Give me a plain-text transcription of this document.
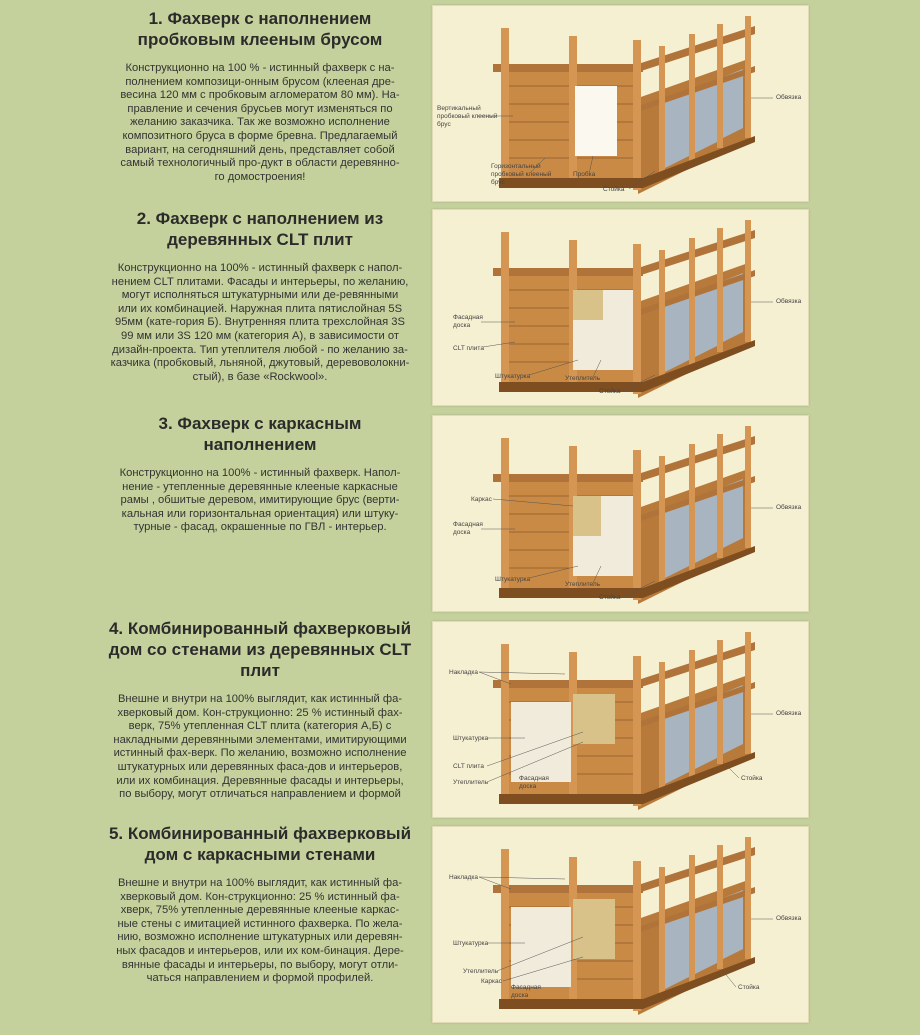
1. Фахверк с наполнением
пробковым клееным брусом

Конструкционно на 100 % - истинный фахверк с на-
полнением композици-онным брусом (клееная дре-
весина 120 мм с пробковым агломератом 80 мм). На-
правление и сечения брусьев могут изменяться по
желанию заказчика. Так же возможно исполнение
композитного бруса в форме бревна. Предлагаемый
вариант, на сегодняшний день, представляет собой
самый технологичный про-дукт в области деревянно-
го домостроения!

Вертикальный
пробковый клееный
брус
Обвязка
Горизонтальный
пробковый клееный
брус
Пробка
Стойка

2. Фахверк с наполнением из
деревянных CLT плит

Конструкционно на 100% - истинный фахверк с напол-
нением CLT плитами. Фасады и интерьеры, по желанию,
могут исполняться штукатурными или де-ревянными
или их комбинацией. Наружная плита пятислойная 5S
95мм (кате-гория Б). Внутренняя плита трехслойная 3S
99 мм или 3S 120 мм (категория А), в зависимости от
дизайн-проекта. Тип утеплителя любой - по желанию за-
казчика (пробковый, льняной, джутовый, деревоволокни-
стый), в базе «Rockwool».

Фасадная
доска
CLT плита
Обвязка
Штукатурка	Утеплитель
Стойка

3. Фахверк с каркасным
наполнением

Конструкционно на 100% - истинный фахверк. Напол-
нение - утепленные деревянные клееные каркасные
рамы , обшитые деревом, имитирующие брус (верти-
кальная или горизонтальная ориентация) или штуку-
турные - фасад, окрашенные по ГВЛ - интерьер.

Каркас
Обвязка
Фасадная
доска
Штукатурка
Утеплитель
Стойка

4. Комбинированный фахверковый
дом со стенами из деревянных CLT
плит

Внешне и внутри на 100% выглядит, как истинный фа-
хверковый дом. Кон-струкционно: 25 % истинный фах-
верк, 75% утепленная CLT плита (категория А,Б) с
накладными деревянными элементами, имитирующими
истинный фах-верк. По желанию, возможно исполнение
штукатурных или деревянных фаса-дов и интерьеров,
или их комбинация. Деревянные фасады и интерьеры,
по выбору, могут отличаться направлением и формой

Накладка
Обвязка
Штукатурка
CLT плита
Утеплитель
Фасадная
доска
Стойка

5. Комбинированный фахверковый
дом с каркасными стенами

Внешне и внутри на 100% выглядит, как истинный фа-
хверковый дом. Кон-струкционно: 25 % истинный фа-
хверк, 75% утепленные деревянные клееные каркас-
ные стены с имитацией истинного фахверка. По жела-
нию, возможно исполнение штукатурных или деревян-
ных фасадов и интерьеров, или их ком-бинация. Дере-
вянные фасады и интерьеры, по выбору, могут отли-
чаться направлением и формой профилей.

Накладка
Обвязка
Штукатурка
Утеплитель
Каркас
Фасадная
доска
Стойка
